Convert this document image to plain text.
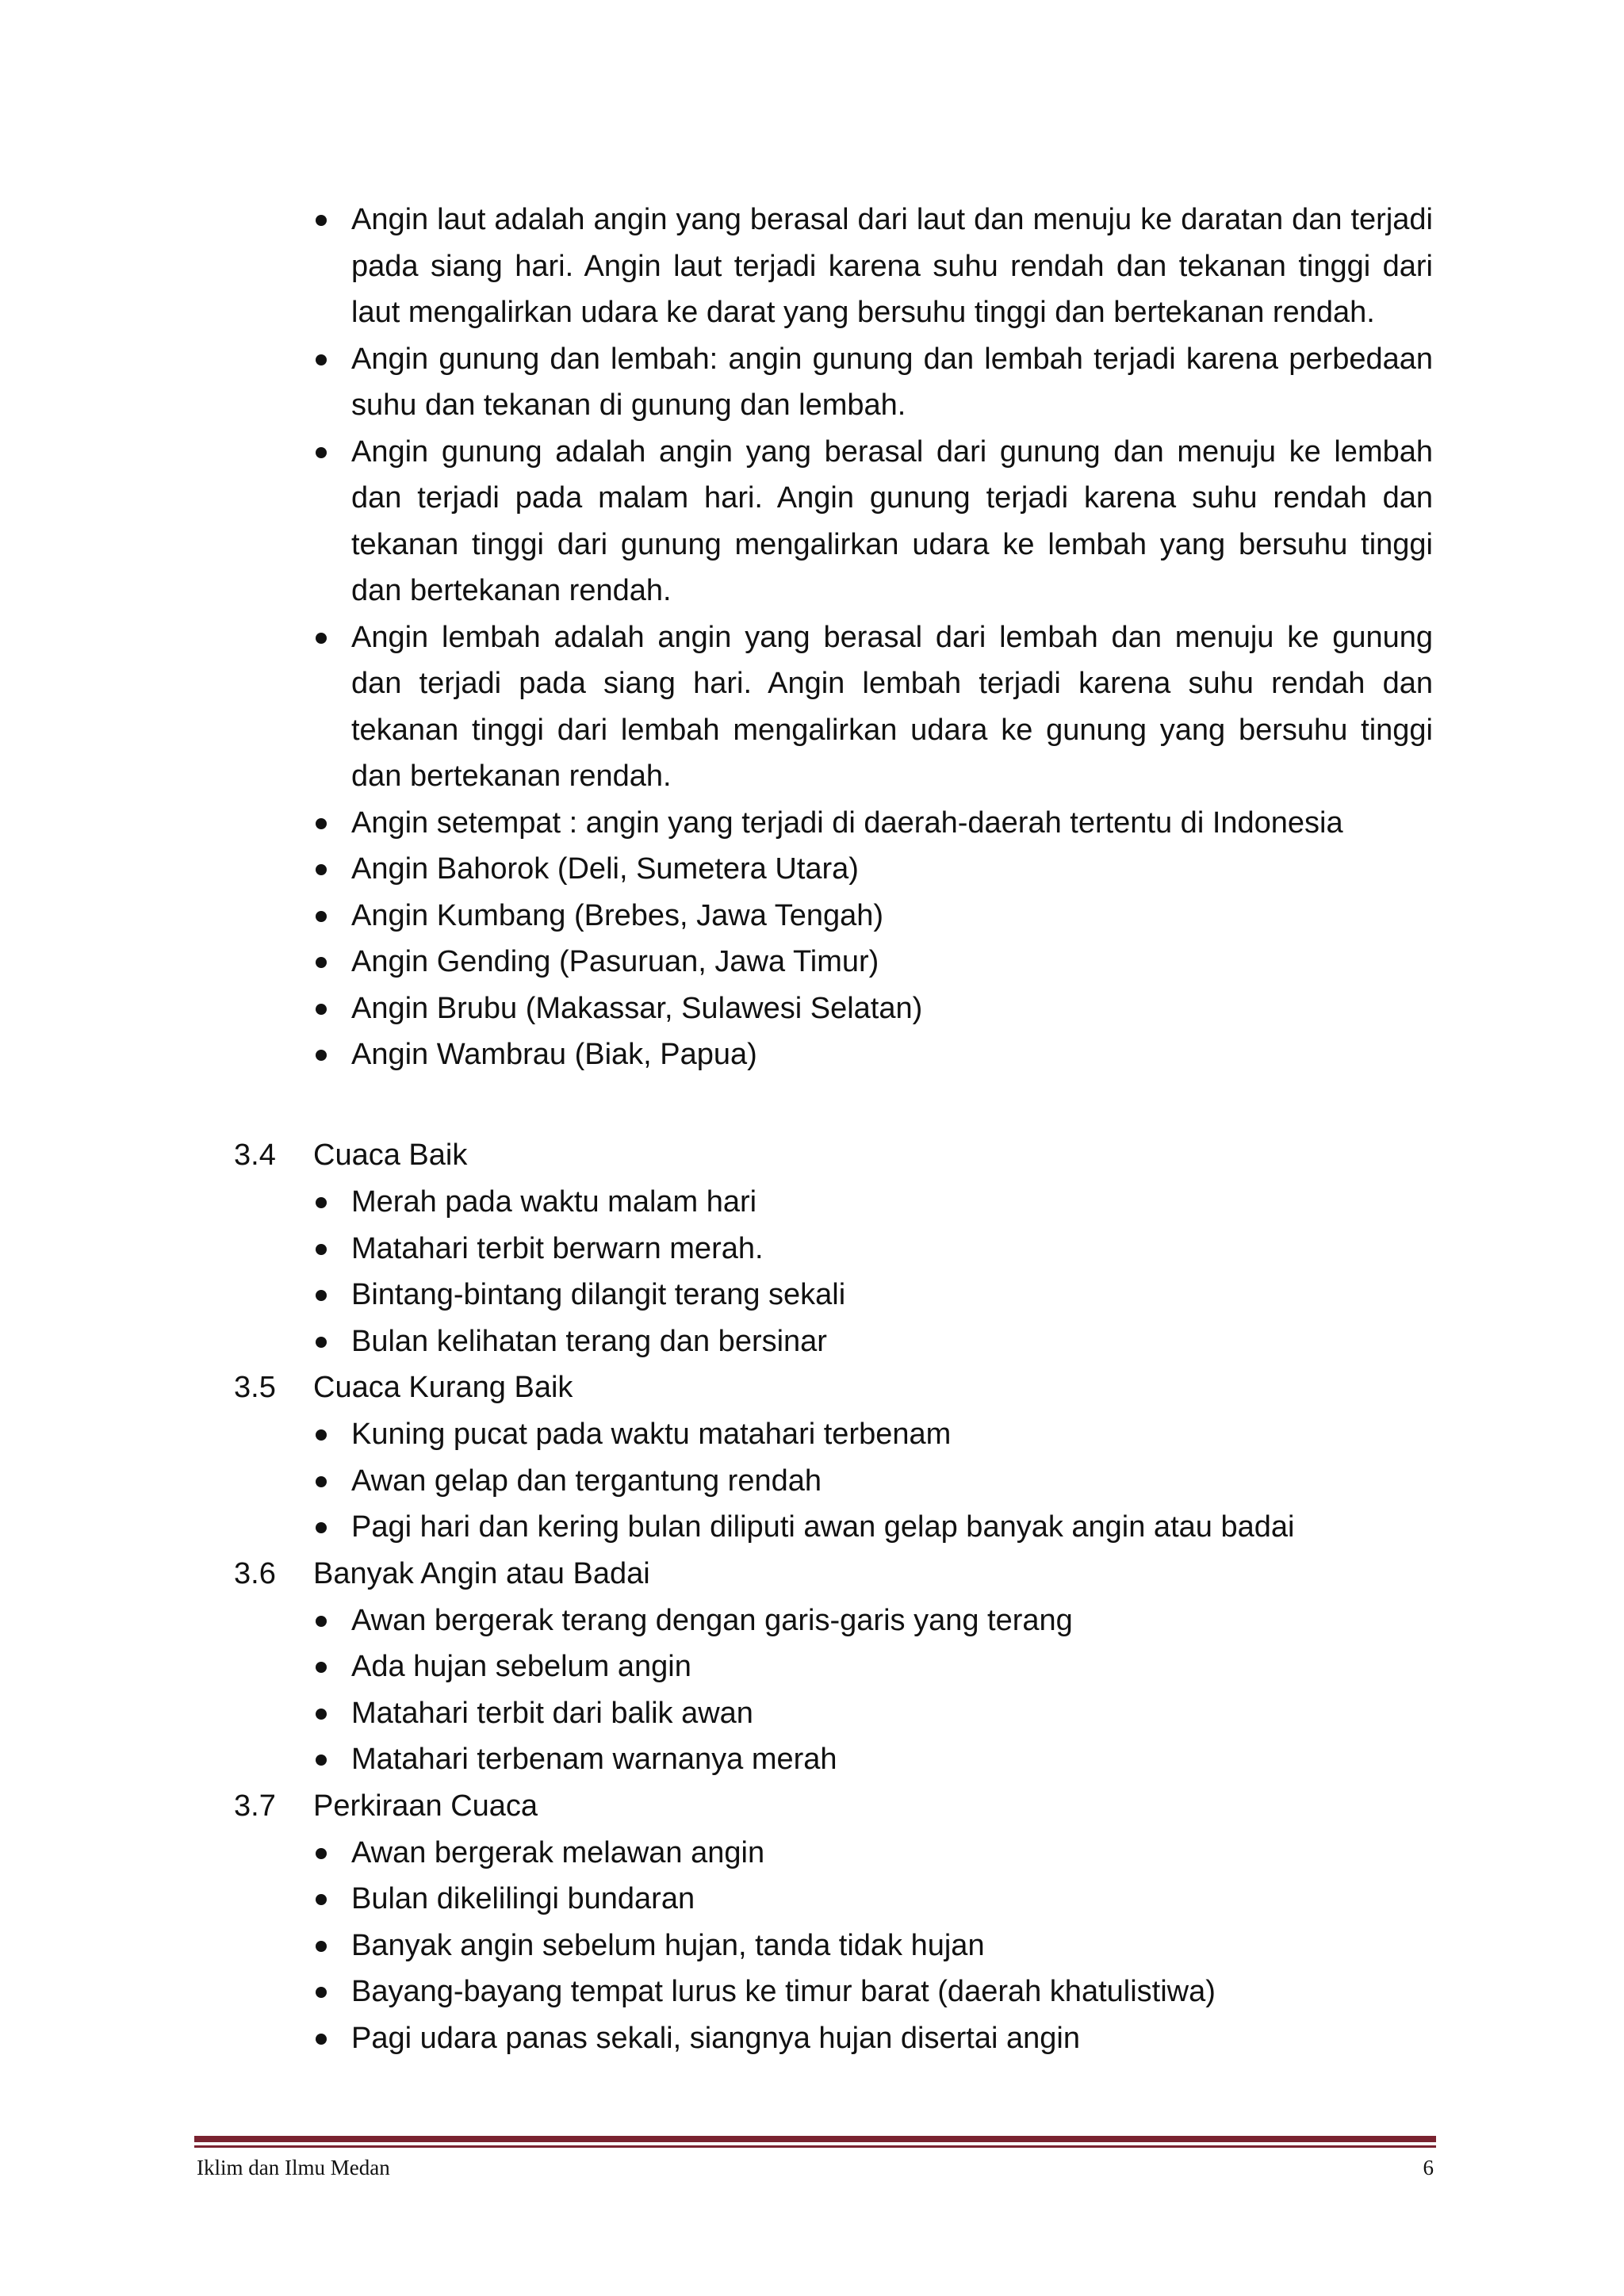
Angin laut adalah angin yang berasal dari laut dan menuju ke daratan dan terjadi pada siang hari. Angin laut terjadi karena suhu rendah dan tekanan tinggi dari laut mengalirkan udara ke darat yang bersuhu tinggi dan bertekanan rendah.
Angin gunung dan lembah: angin gunung dan lembah terjadi karena perbedaan suhu dan tekanan di gunung dan lembah.
Angin gunung adalah angin yang berasal dari gunung dan menuju ke lembah dan terjadi pada malam hari. Angin gunung terjadi karena suhu rendah dan tekanan tinggi dari gunung mengalirkan udara ke lembah yang bersuhu tinggi dan bertekanan rendah.
Angin lembah adalah angin yang berasal dari lembah dan menuju ke gunung dan terjadi pada siang hari. Angin lembah terjadi karena suhu rendah dan tekanan tinggi dari lembah mengalirkan udara ke gunung yang bersuhu tinggi dan bertekanan rendah.
Angin setempat : angin yang terjadi di daerah-daerah tertentu di Indonesia
Angin Bahorok (Deli, Sumetera Utara)
Angin Kumbang (Brebes, Jawa Tengah)
Angin Gending (Pasuruan, Jawa Timur)
Angin Brubu (Makassar, Sulawesi Selatan)
Angin Wambrau (Biak, Papua)
3.4 Cuaca Baik
Merah pada waktu malam hari
Matahari terbit berwarn merah.
Bintang-bintang dilangit terang sekali
Bulan kelihatan terang dan bersinar
3.5 Cuaca Kurang Baik
Kuning pucat pada waktu matahari terbenam
Awan gelap dan tergantung rendah
Pagi hari dan kering bulan diliputi awan gelap banyak angin atau badai
3.6 Banyak Angin atau Badai
Awan bergerak terang dengan garis-garis yang terang
Ada hujan sebelum angin
Matahari terbit dari balik awan
Matahari terbenam warnanya merah
3.7 Perkiraan Cuaca
Awan bergerak melawan angin
Bulan dikelilingi bundaran
Banyak angin sebelum hujan, tanda tidak hujan
Bayang-bayang tempat lurus ke timur barat (daerah khatulistiwa)
Pagi udara panas sekali, siangnya hujan disertai angin
Iklim dan Ilmu Medan	6
